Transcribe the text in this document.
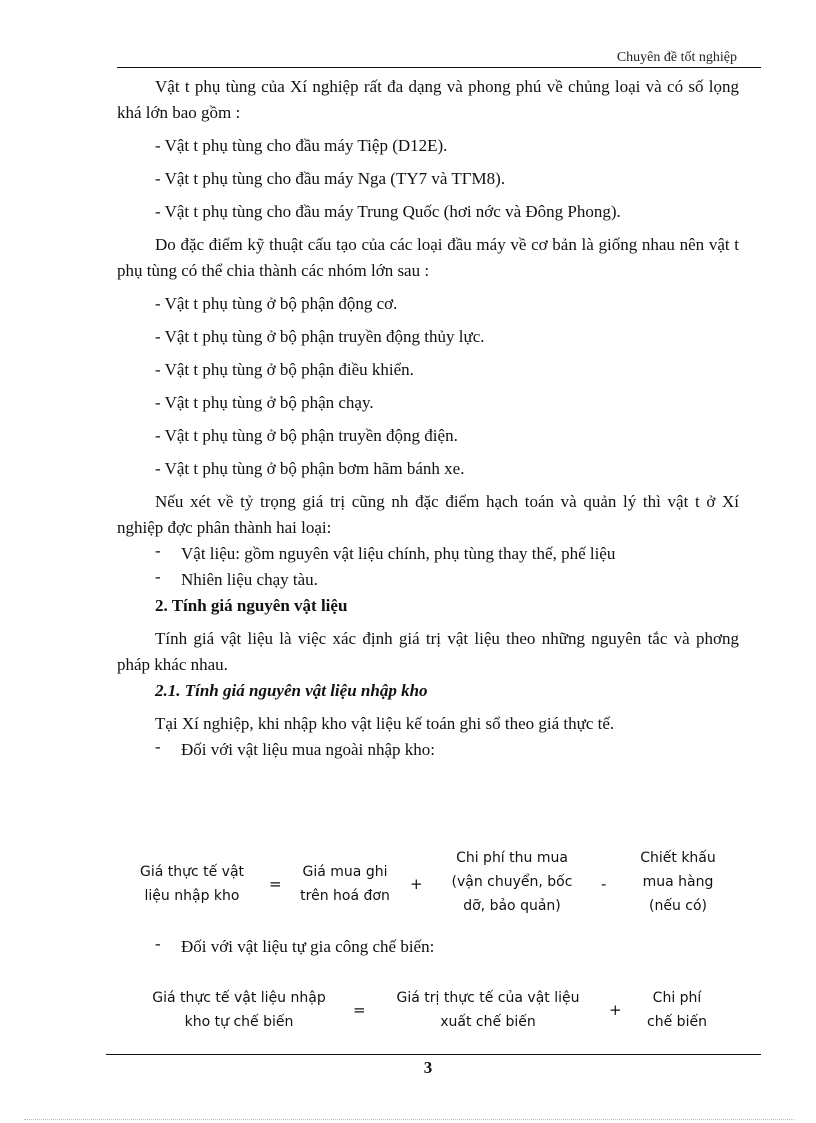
Chuyên đề tốt nghiệp

Vật t phụ tùng của Xí nghiệp rất đa dạng và phong phú về chủng loại và có số lọng khá lớn bao gồm :

- Vật t phụ tùng cho đầu máy Tiệp (D12E).

- Vật t phụ tùng cho đầu máy Nga (TY7 và TΓM8).

- Vật t phụ tùng cho đầu máy Trung Quốc (hơi nớc và Đông Phong).

Do đặc điểm kỹ thuật cấu tạo của các loại đầu máy về cơ bản là giống nhau nên vật t phụ tùng có thể chia thành các nhóm lớn sau :

- Vật t phụ tùng ở bộ phận động cơ.

- Vật t phụ tùng ở bộ phận truyền động thủy lực.

- Vật t phụ tùng ở bộ phận điều khiển.

- Vật t phụ tùng ở bộ phận chạy.

- Vật t phụ tùng ở bộ phận truyền động điện.

- Vật t phụ tùng ở bộ phận bơm hãm bánh xe.

Nếu xét về tỷ trọng giá trị cũng nh đặc điểm hạch toán và quản lý thì vật t ở Xí nghiệp đợc phân thành hai loại:

- Vật liệu: gồm nguyên vật liệu chính, phụ tùng thay thế, phế liệu

- Nhiên liệu chạy tàu.

2. Tính giá nguyên vật liệu

Tính giá vật liệu là việc xác định giá trị vật liệu theo những nguyên tắc và phơng pháp khác nhau.

2.1. Tính giá nguyên vật liệu nhập kho

Tại Xí nghiệp, khi nhập kho vật liệu kế toán ghi sổ theo giá thực tế.

- Đối với vật liệu mua ngoài nhập kho:

Giá thực tế vật
liệu nhập kho
=
Giá mua ghi
trên hoá đơn
+
Chi phí thu mua
(vận chuyển, bốc
dỡ, bảo quản)
-
Chiết khấu
mua hàng
(nếu có)

- Đối với vật liệu tự gia công chế biến:

Giá thực tế vật liệu nhập
kho tự chế biến
=
Giá trị thực tế của vật liệu
xuất chế biến
+
Chi phí
chế biến
3
